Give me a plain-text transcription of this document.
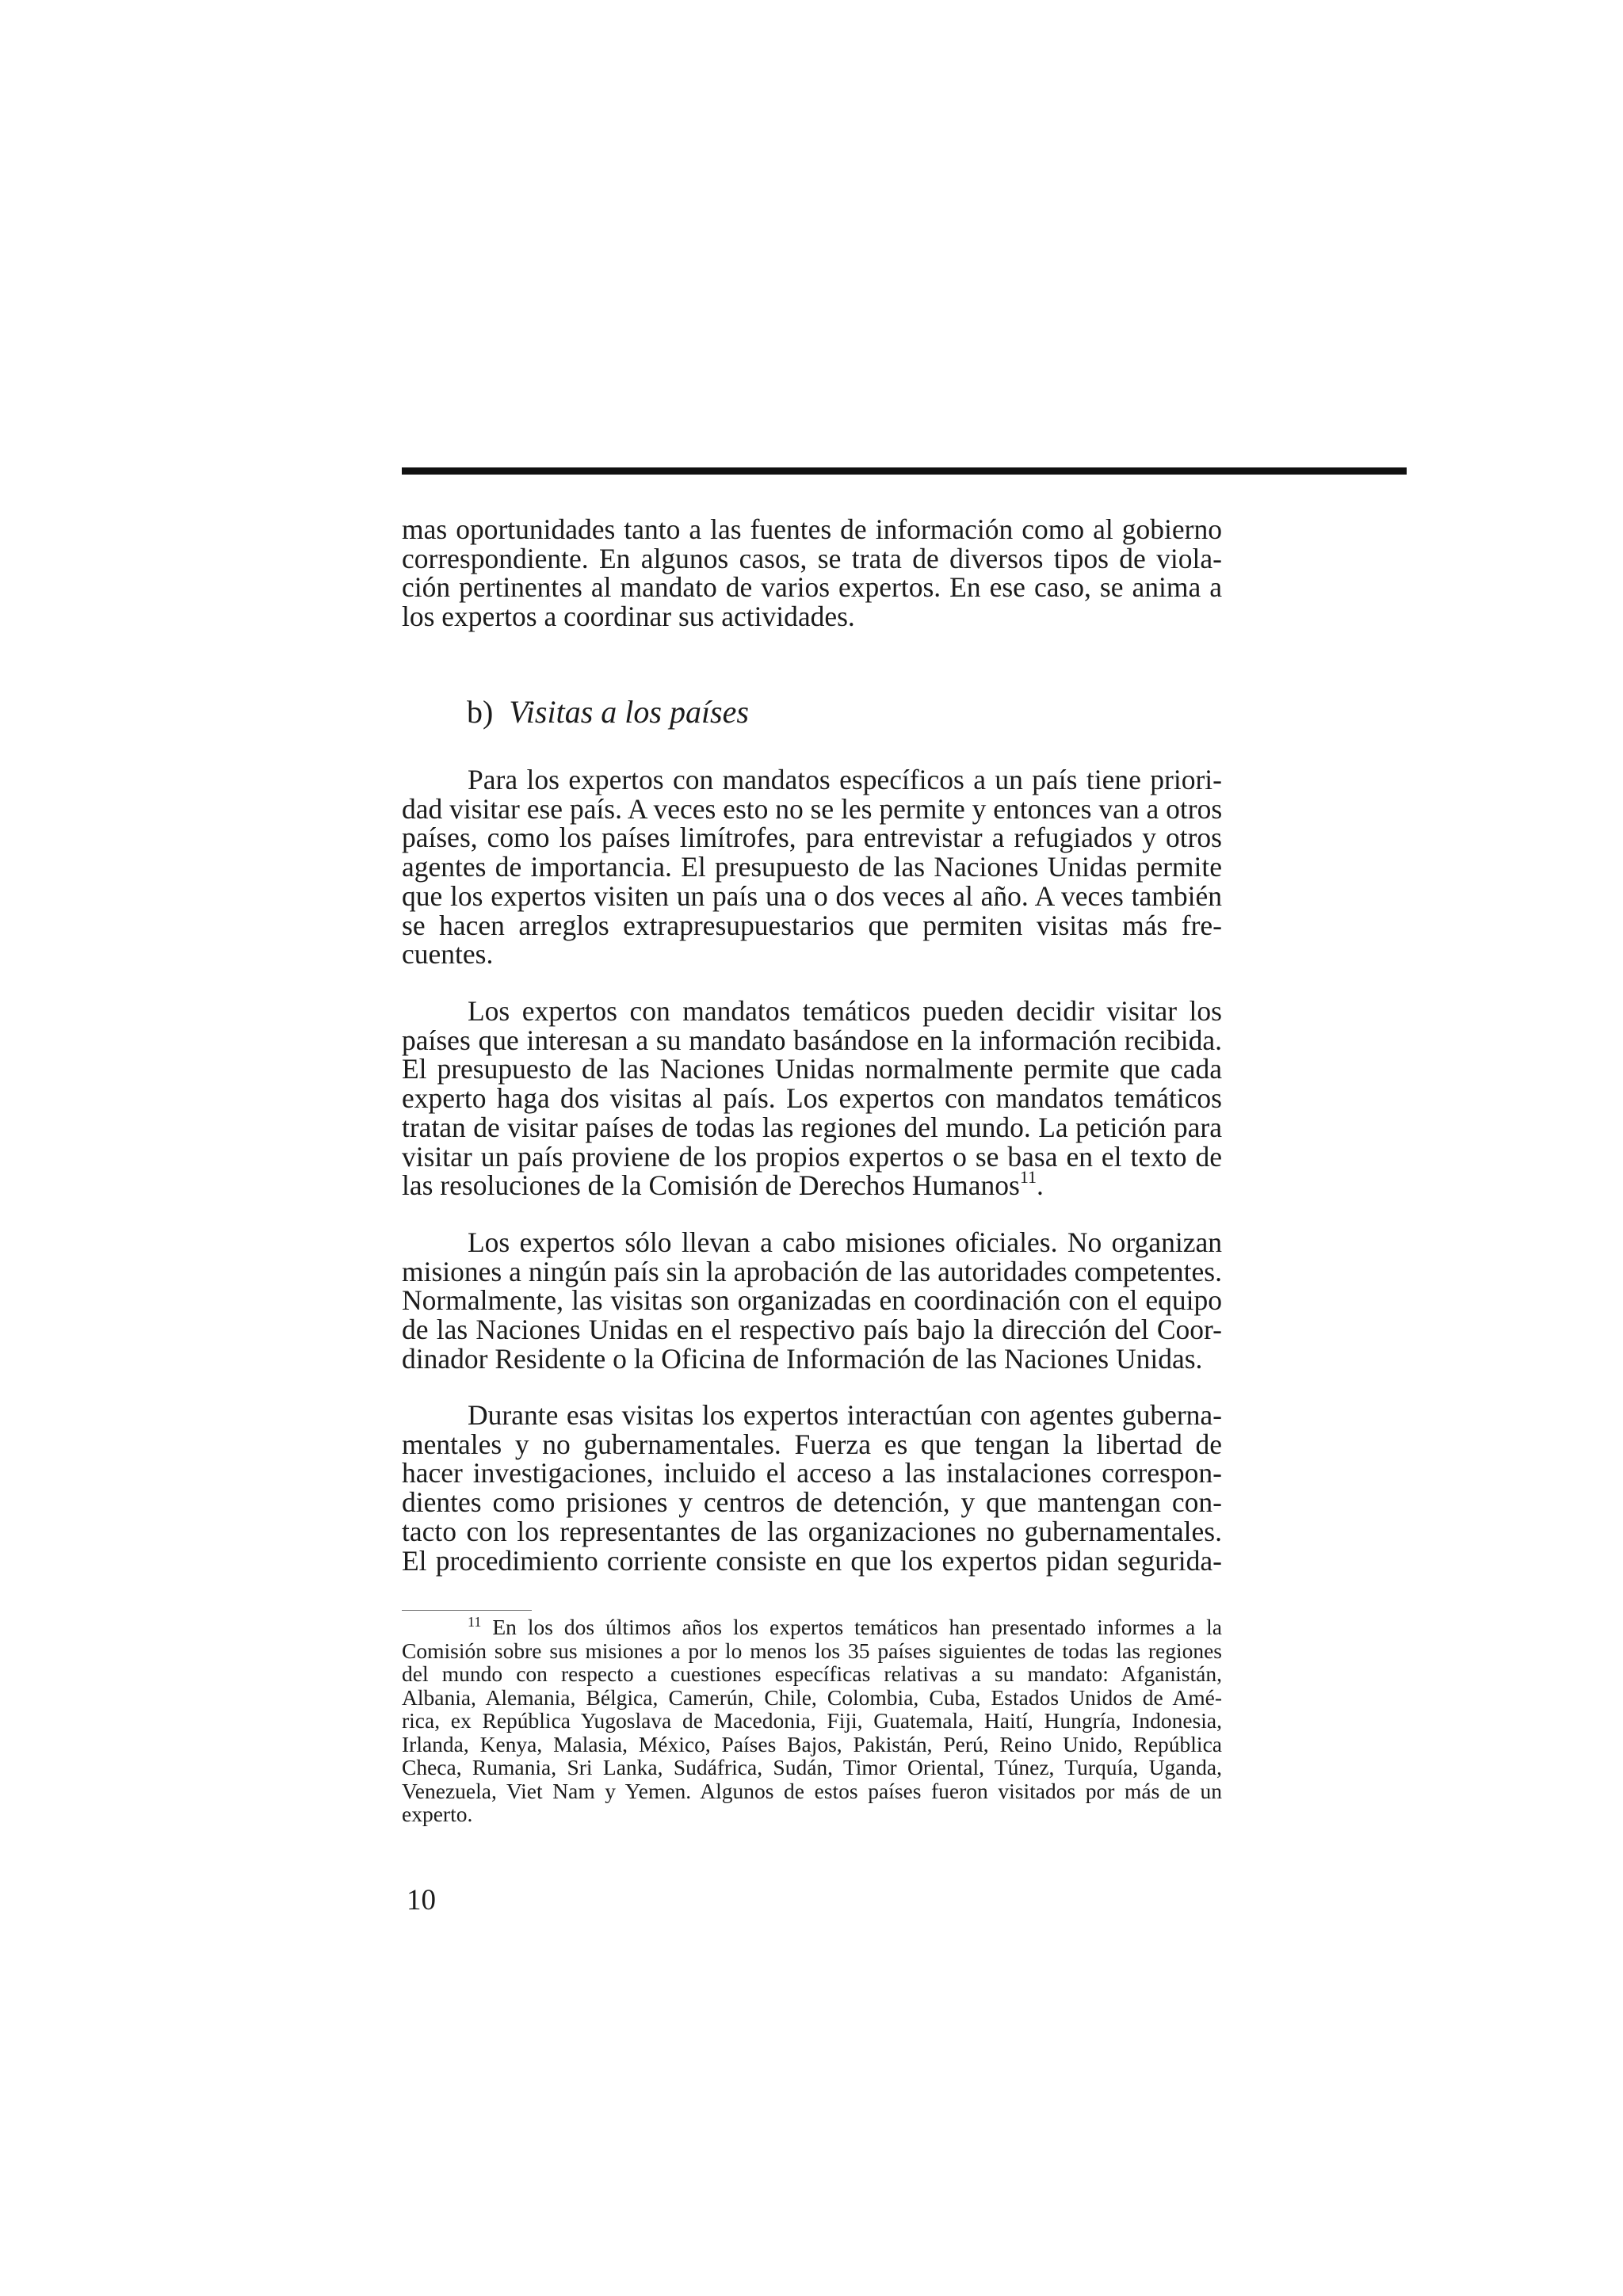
mas oportunidades tanto a las fuentes de información como al gobierno
correspondiente. En algunos casos, se trata de diversos tipos de viola-
ción pertinentes al mandato de varios expertos. En ese caso, se anima a
los expertos a coordinar sus actividades.
b) Visitas a los países
Para los expertos con mandatos específicos a un país tiene priori-
dad visitar ese país. A veces esto no se les permite y entonces van a otros
países, como los países limítrofes, para entrevistar a refugiados y otros
agentes de importancia. El presupuesto de las Naciones Unidas permite
que los expertos visiten un país una o dos veces al año. A veces también
se hacen arreglos extrapresupuestarios que permiten visitas más fre-
cuentes.
Los expertos con mandatos temáticos pueden decidir visitar los
países que interesan a su mandato basándose en la información recibida.
El presupuesto de las Naciones Unidas normalmente permite que cada
experto haga dos visitas al país. Los expertos con mandatos temáticos
tratan de visitar países de todas las regiones del mundo. La petición para
visitar un país proviene de los propios expertos o se basa en el texto de
las resoluciones de la Comisión de Derechos Humanos$^{11}$.
Los expertos sólo llevan a cabo misiones oficiales. No organizan
misiones a ningún país sin la aprobación de las autoridades competentes.
Normalmente, las visitas son organizadas en coordinación con el equipo
de las Naciones Unidas en el respectivo país bajo la dirección del Coor-
dinador Residente o la Oficina de Información de las Naciones Unidas.
Durante esas visitas los expertos interactúan con agentes guberna-
mentales y no gubernamentales. Fuerza es que tengan la libertad de
hacer investigaciones, incluido el acceso a las instalaciones correspon-
dientes como prisiones y centros de detención, y que mantengan con-
tacto con los representantes de las organizaciones no gubernamentales.
El procedimiento corriente consiste en que los expertos pidan segurida-
$^{11}$ En los dos últimos años los expertos temáticos han presentado informes a la
Comisión sobre sus misiones a por lo menos los 35 países siguientes de todas las regiones
del mundo con respecto a cuestiones específicas relativas a su mandato: Afganistán,
Albania, Alemania, Bélgica, Camerún, Chile, Colombia, Cuba, Estados Unidos de Amé-
rica, ex República Yugoslava de Macedonia, Fiji, Guatemala, Haití, Hungría, Indonesia,
Irlanda, Kenya, Malasia, México, Países Bajos, Pakistán, Perú, Reino Unido, República
Checa, Rumania, Sri Lanka, Sudáfrica, Sudán, Timor Oriental, Túnez, Turquía, Uganda,
Venezuela, Viet Nam y Yemen. Algunos de estos países fueron visitados por más de un
experto.
10
